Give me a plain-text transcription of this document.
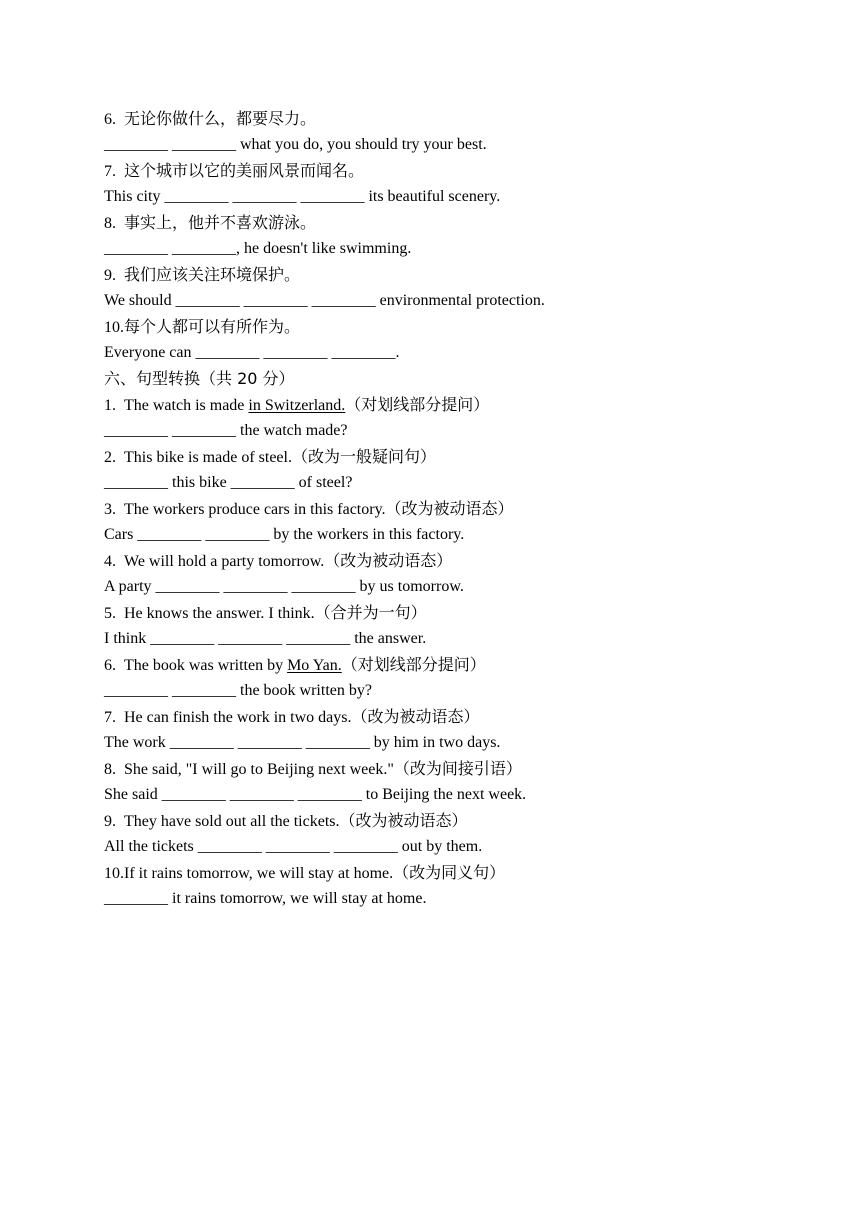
6.  无论你做什么，都要尽力。
________ ________ what you do, you should try your best.
7.  这个城市以它的美丽风景而闻名。
This city ________ ________ ________ its beautiful scenery.
8.  事实上，他并不喜欢游泳。
________ ________, he doesn't like swimming.
9.  我们应该关注环境保护。
We should ________ ________ ________ environmental protection.
10.每个人都可以有所作为。
Everyone can ________ ________ ________.
六、句型转换（共 20 分）
1.  The watch is made in Switzerland.（对划线部分提问）
________ ________ the watch made?
2.  This bike is made of steel.（改为一般疑问句）
________ this bike ________ of steel?
3.  The workers produce cars in this factory.（改为被动语态）
Cars ________ ________ by the workers in this factory.
4.  We will hold a party tomorrow.（改为被动语态）
A party ________ ________ ________ by us tomorrow.
5.  He knows the answer. I think.（合并为一句）
I think ________ ________ ________ the answer.
6.  The book was written by Mo Yan.（对划线部分提问）
________ ________ the book written by?
7.  He can finish the work in two days.（改为被动语态）
The work ________ ________ ________ by him in two days.
8.  She said, "I will go to Beijing next week."（改为间接引语）
She said ________ ________ ________ to Beijing the next week.
9.  They have sold out all the tickets.（改为被动语态）
All the tickets ________ ________ ________ out by them.
10.If it rains tomorrow, we will stay at home.（改为同义句）
________ it rains tomorrow, we will stay at home.
